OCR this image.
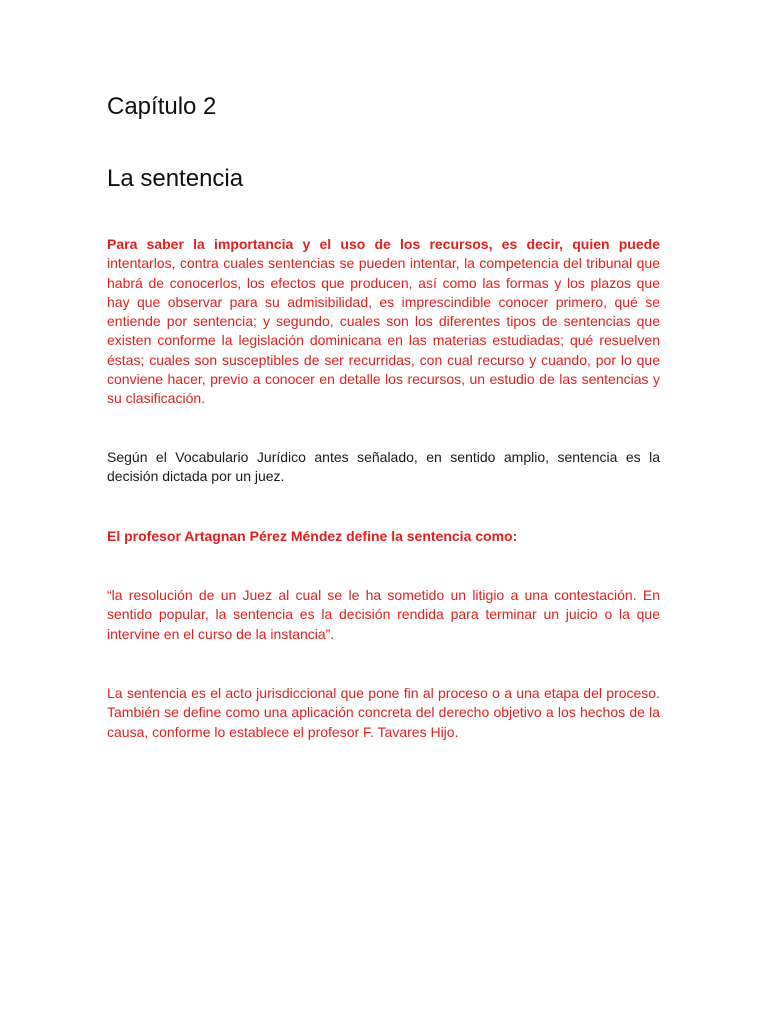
Capítulo 2
La sentencia

Para saber la importancia y el uso de los recursos, es decir, quien puede intentarlos, contra cuales sentencias se pueden intentar, la competencia del tribunal que habrá de conocerlos, los efectos que producen, así como las formas y los plazos que hay que observar para su admisibilidad, es imprescindible conocer primero, qué se entiende por sentencia; y segundo, cuales son los diferentes tipos de sentencias que existen conforme la legislación dominicana en las materias estudiadas; qué resuelven éstas; cuales son susceptibles de ser recurridas, con cual recurso y cuando, por lo que conviene hacer, previo a conocer en detalle los recursos, un estudio de las sentencias y su clasificación.

Según el Vocabulario Jurídico antes señalado, en sentido amplio, sentencia es la decisión dictada por un juez.

El profesor Artagnan Pérez Méndez define la sentencia como:

“la resolución de un Juez al cual se le ha sometido un litigio a una contestación. En sentido popular, la sentencia es la decisión rendida para terminar un juicio o la que intervine en el curso de la instancia”.

La sentencia es el acto jurisdiccional que pone fin al proceso o a una etapa del proceso. También se define como una aplicación concreta del derecho objetivo a los hechos de la causa, conforme lo establece el profesor F. Tavares Hijo.
